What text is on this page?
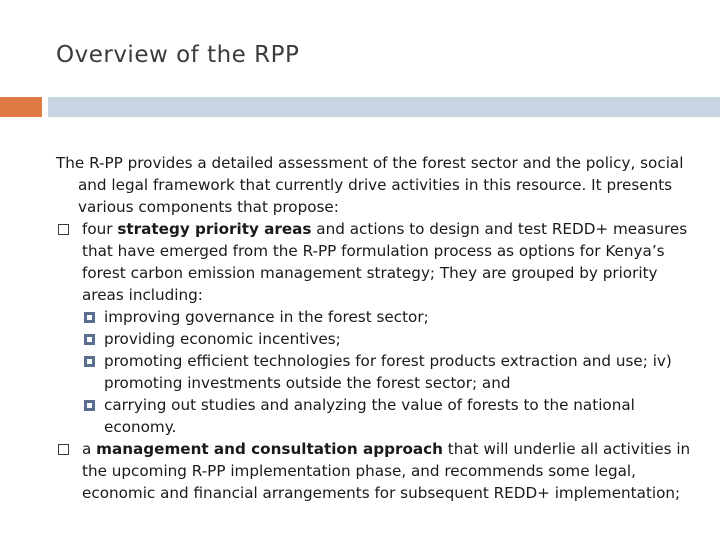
Overview of the RPP

The R-PP provides a detailed assessment of the forest sector and the policy, social and legal framework that currently drive activities in this resource. It presents various components that propose:

four strategy priority areas and actions to design and test REDD+ measures that have emerged from the R-PP formulation process as options for Kenya’s forest carbon emission management strategy; They are grouped by priority areas including:
improving governance in the forest sector;
providing economic incentives;
promoting efficient technologies for forest products extraction and use; iv) promoting investments outside the forest sector; and
carrying out studies and analyzing the value of forests to the national economy.
a management and consultation approach that will underlie all activities in the upcoming R-PP implementation phase, and recommends some legal, economic and financial arrangements for subsequent REDD+ implementation;
